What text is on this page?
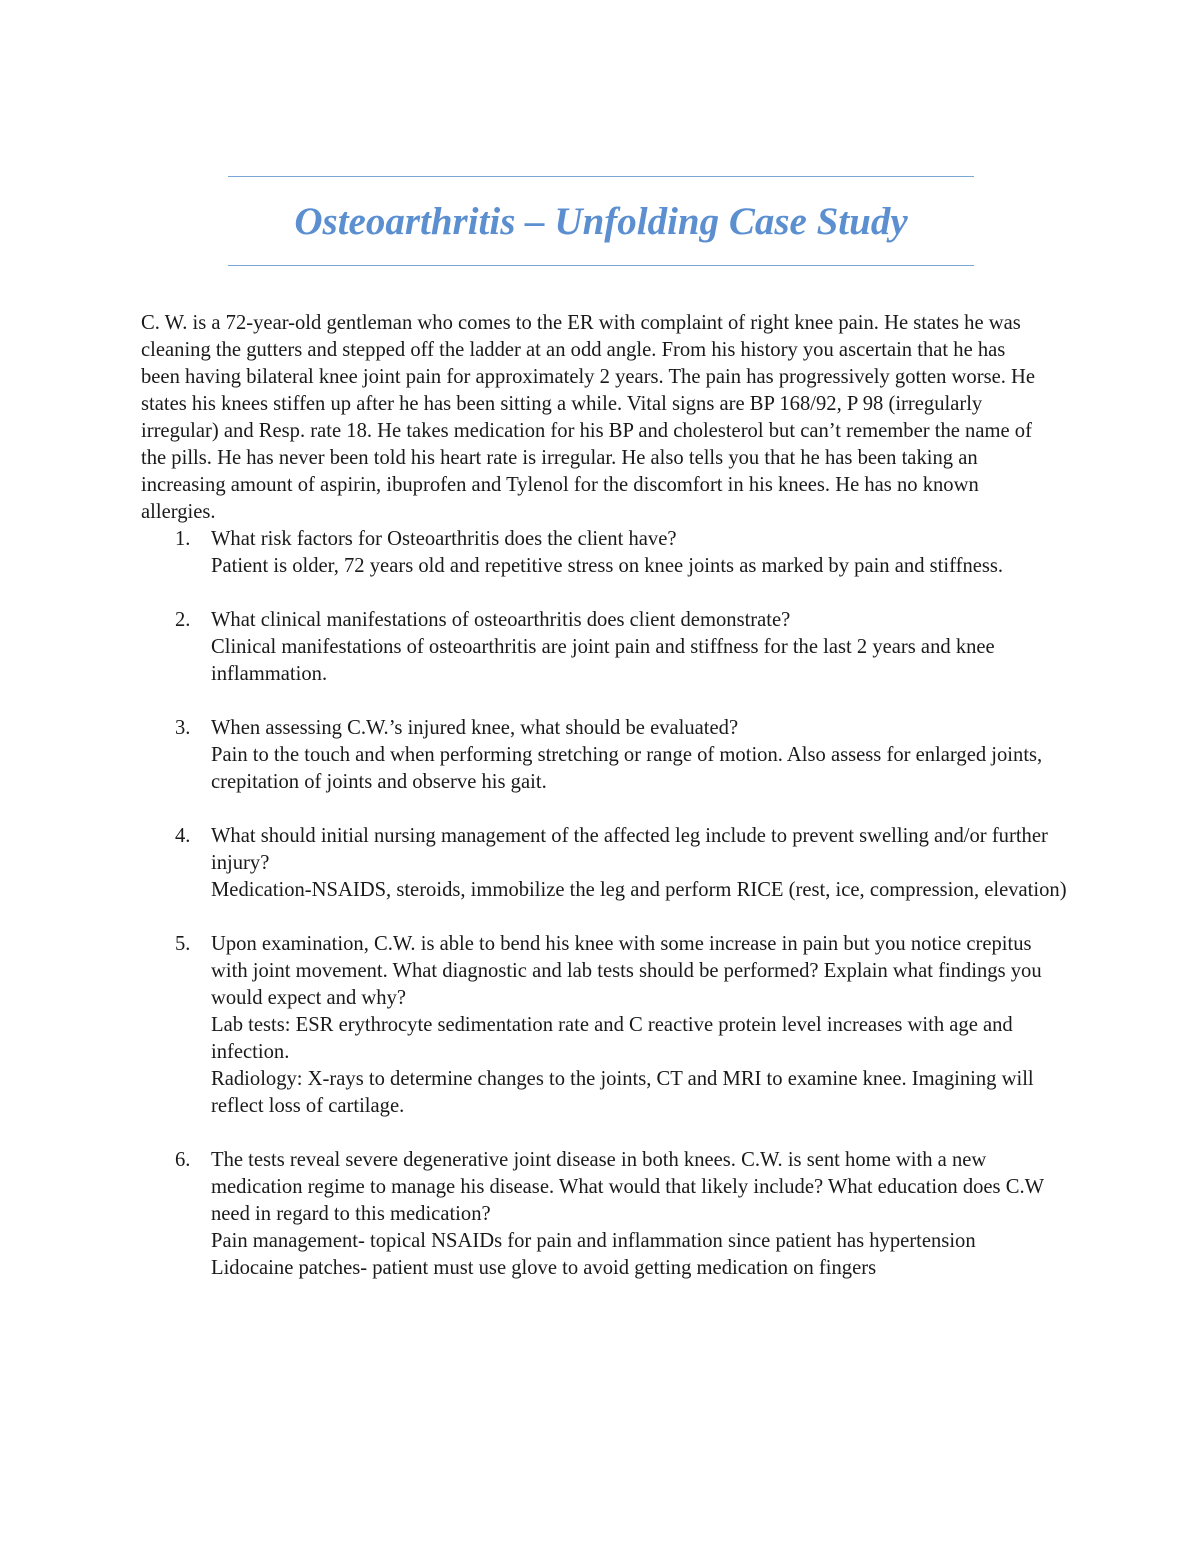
Osteoarthritis – Unfolding Case Study

C. W. is a 72-year-old gentleman who comes to the ER with complaint of right knee pain. He states he was cleaning the gutters and stepped off the ladder at an odd angle. From his history you ascertain that he has been having bilateral knee joint pain for approximately 2 years. The pain has progressively gotten worse. He states his knees stiffen up after he has been sitting a while. Vital signs are BP 168/92, P 98 (irregularly irregular) and Resp. rate 18. He takes medication for his BP and cholesterol but can’t remember the name of the pills. He has never been told his heart rate is irregular. He also tells you that he has been taking an increasing amount of aspirin, ibuprofen and Tylenol for the discomfort in his knees. He has no known allergies.

1. What risk factors for Osteoarthritis does the client have?
Patient is older, 72 years old and repetitive stress on knee joints as marked by pain and stiffness.
2. What clinical manifestations of osteoarthritis does client demonstrate?
Clinical manifestations of osteoarthritis are joint pain and stiffness for the last 2 years and knee inflammation.
3. When assessing C.W.’s injured knee, what should be evaluated?
Pain to the touch and when performing stretching or range of motion. Also assess for enlarged joints, crepitation of joints and observe his gait.
4. What should initial nursing management of the affected leg include to prevent swelling and/or further injury?
Medication-NSAIDS, steroids, immobilize the leg and perform RICE (rest, ice, compression, elevation)
5. Upon examination, C.W. is able to bend his knee with some increase in pain but you notice crepitus with joint movement. What diagnostic and lab tests should be performed? Explain what findings you would expect and why?
Lab tests: ESR erythrocyte sedimentation rate and C reactive protein level increases with age and infection.
Radiology: X-rays to determine changes to the joints, CT and MRI to examine knee. Imagining will reflect loss of cartilage.
6. The tests reveal severe degenerative joint disease in both knees. C.W. is sent home with a new medication regime to manage his disease. What would that likely include? What education does C.W need in regard to this medication?
Pain management- topical NSAIDs for pain and inflammation since patient has hypertension
Lidocaine patches- patient must use glove to avoid getting medication on fingers
